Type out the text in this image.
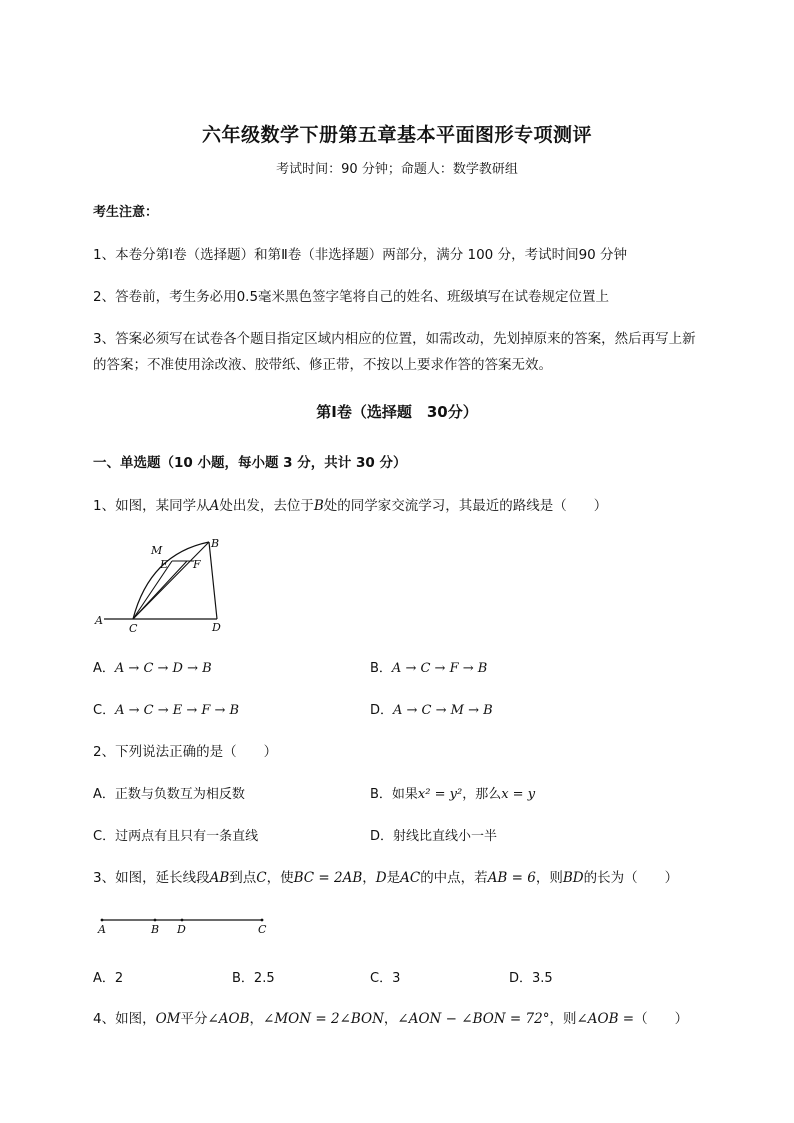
六年级数学下册第五章基本平面图形专项测评
考试时间：90 分钟；命题人：数学教研组
考生注意：
1、本卷分第Ⅰ卷（选择题）和第Ⅱ卷（非选择题）两部分，满分 100 分，考试时间90 分钟
2、答卷前，考生务必用0.5毫米黑色签字笔将自己的姓名、班级填写在试卷规定位置上
3、答案必须写在试卷各个题目指定区域内相应的位置，如需改动，先划掉原来的答案，然后再写上新
的答案；不准使用涂改液、胶带纸、修正带，不按以上要求作答的答案无效。
第Ⅰ卷（选择题　30分）
一、单选题（10 小题，每小题 3 分，共计 30 分）
1、如图，某同学从A处出发，去位于B处的同学家交流学习，其最近的路线是（　　）
A
C	D
B
M
E F
A．A → C → D → B	B．A → C → F → B
C．A → C → E → F → B	D．A → C → M → B
2、下列说法正确的是（　　）
A．正数与负数互为相反数	B．如果x² = y²，那么x = y
C．过两点有且只有一条直线	D．射线比直线小一半
3、如图，延长线段AB到点C，使BC = 2AB，D是AC的中点，若AB = 6，则BD的长为（　　）
A	B D	C
A．2	B．2.5	C．3	D．3.5
4、如图，OM平分∠AOB，∠MON = 2∠BON，∠AON − ∠BON = 72°，则∠AOB =（　　）
